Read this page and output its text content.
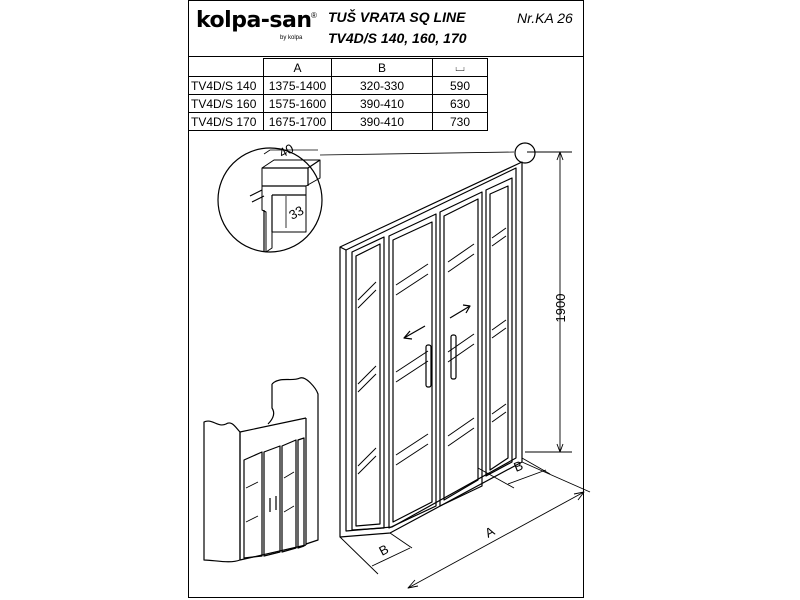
kolpa-san ®
by kolpa
TUŠ VRATA SQ LINE
TV4D/S 140, 160, 170
Nr.KA 26
	A	B	⌴
TV4D/S 140	1375-1400	320-330	590
TV4D/S 160	1575-1600	390-410	630
TV4D/S 170	1675-1700	390-410	730
1900
B
A
B
40
33
